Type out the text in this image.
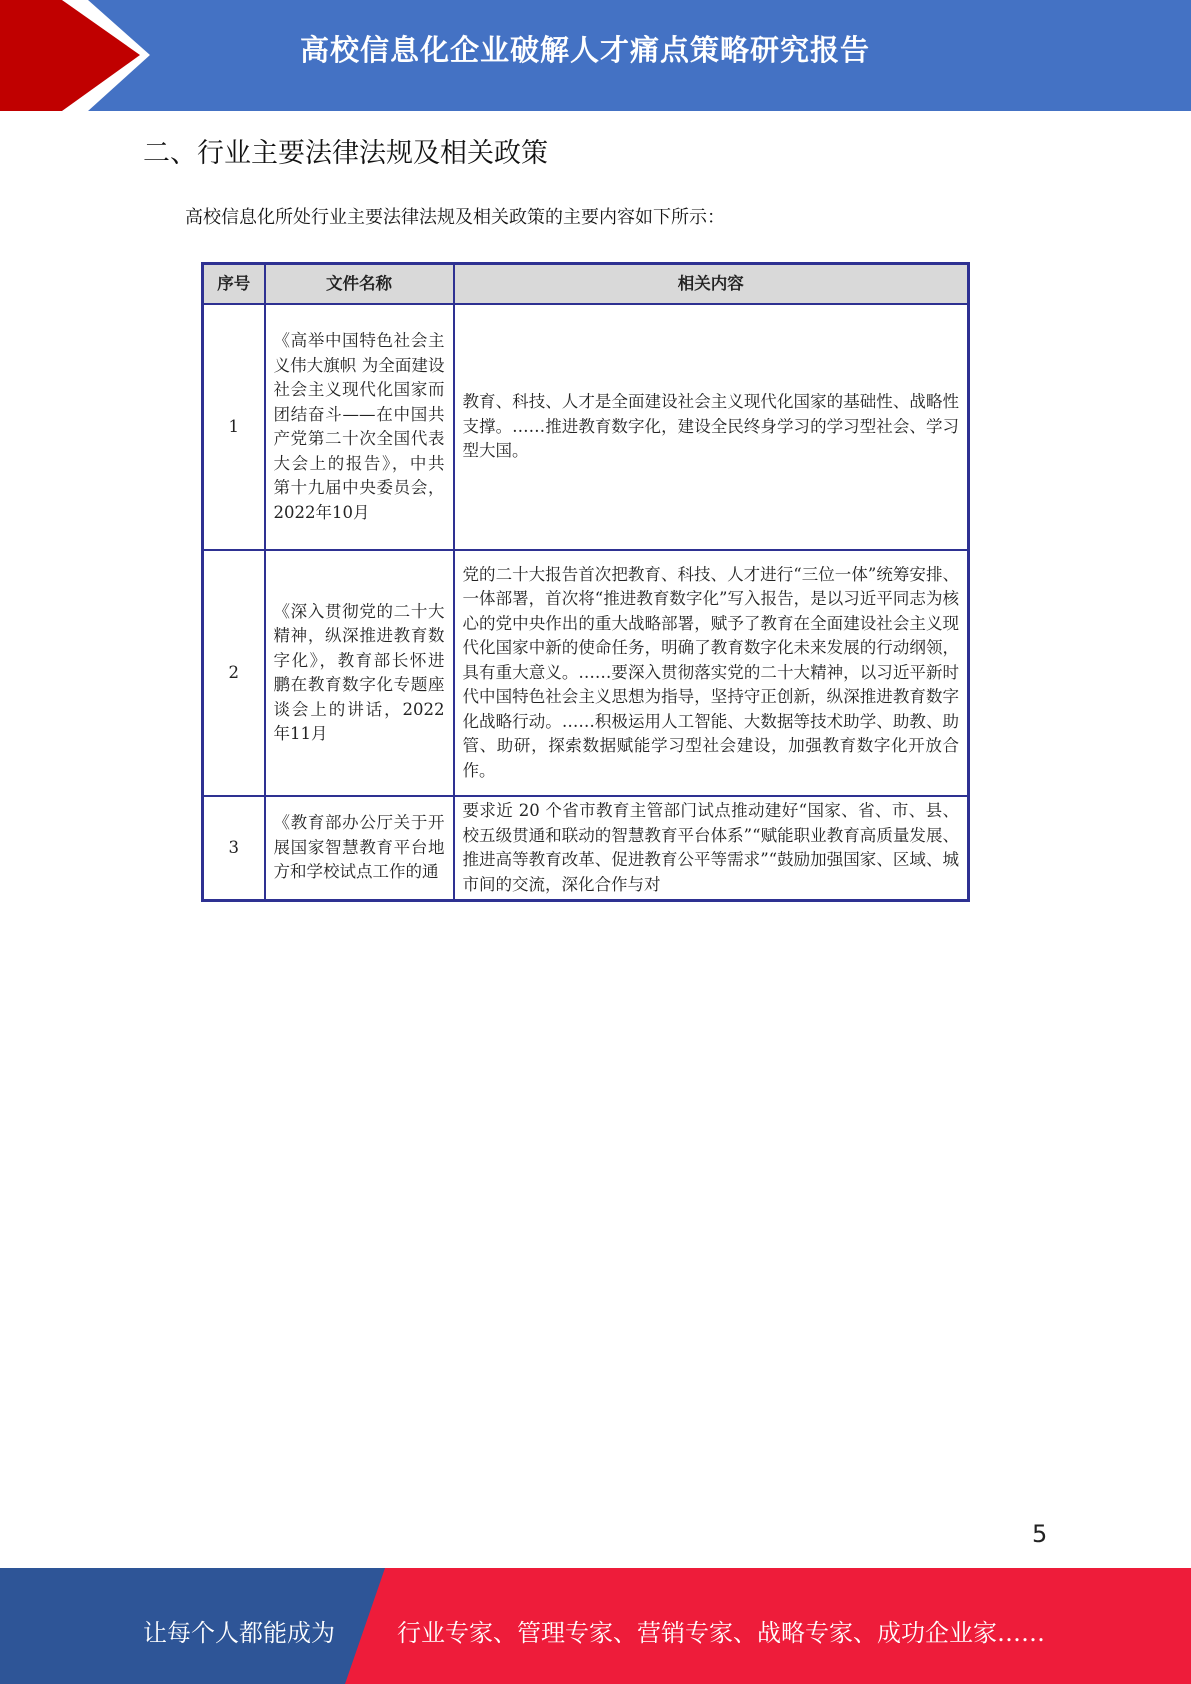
高校信息化企业破解人才痛点策略研究报告
二、行业主要法律法规及相关政策
高校信息化所处行业主要法律法规及相关政策的主要内容如下所示：
序号	文件名称	相关内容
1	《高举中国特色社会主义伟大旗帜 为全面建设社会主义现代化国家而团结奋斗——在中国共产党第二十次全国代表大会上的报告》，中共第十九届中央委员会，2022年10月	教育、科技、人才是全面建设社会主义现代化国家的基础性、战略性支撑。……推进教育数字化，建设全民终身学习的学习型社会、学习型大国。
2	《深入贯彻党的二十大精神，纵深推进教育数字化》，教育部长怀进鹏在教育数字化专题座谈会上的讲话，2022年11月	党的二十大报告首次把教育、科技、人才进行“三位一体”统筹安排、一体部署，首次将“推进教育数字化”写入报告，是以习近平同志为核心的党中央作出的重大战略部署，赋予了教育在全面建设社会主义现代化国家中新的使命任务，明确了教育数字化未来发展的行动纲领，具有重大意义。……要深入贯彻落实党的二十大精神，以习近平新时代中国特色社会主义思想为指导，坚持守正创新，纵深推进教育数字化战略行动。……积极运用人工智能、大数据等技术助学、助教、助管、助研，探索数据赋能学习型社会建设，加强教育数字化开放合作。
3	《教育部办公厅关于开展国家智慧教育平台地方和学校试点工作的通	要求近 20 个省市教育主管部门试点推动建好“国家、省、市、县、校五级贯通和联动的智慧教育平台体系”“赋能职业教育高质量发展、推进高等教育改革、促进教育公平等需求”“鼓励加强国家、区域、城市间的交流，深化合作与对
5
让每个人都能成为	行业专家、管理专家、营销专家、战略专家、成功企业家……
